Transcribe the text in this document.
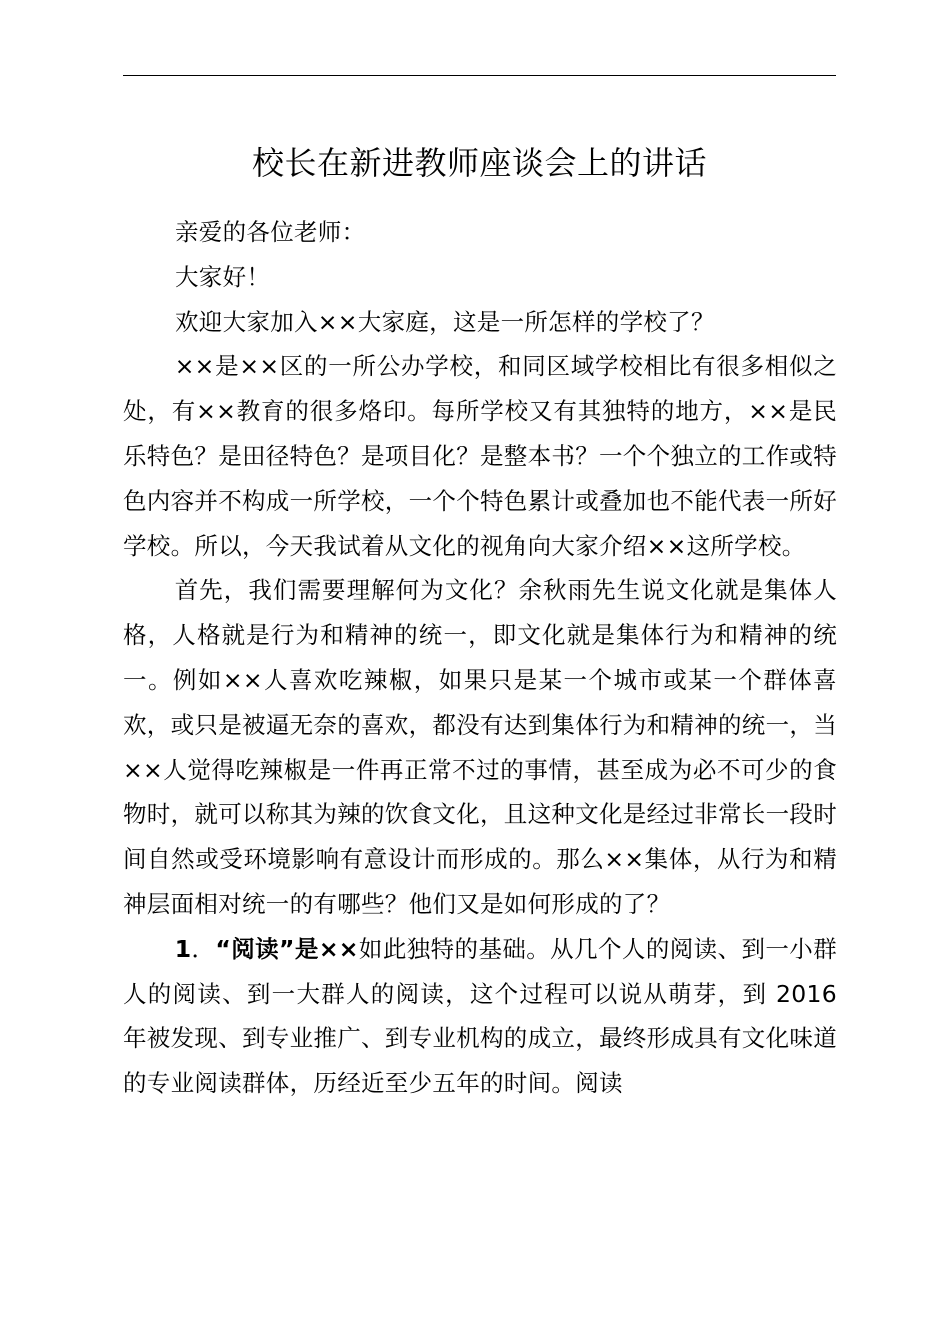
校长在新进教师座谈会上的讲话

亲爱的各位老师：

大家好！

欢迎大家加入××大家庭，这是一所怎样的学校了？

××是××区的一所公办学校，和同区域学校相比有很多相似之处，有××教育的很多烙印。每所学校又有其独特的地方，××是民乐特色？是田径特色？是项目化？是整本书？一个个独立的工作或特色内容并不构成一所学校，一个个特色累计或叠加也不能代表一所好学校。所以，今天我试着从文化的视角向大家介绍××这所学校。

首先，我们需要理解何为文化？余秋雨先生说文化就是集体人格，人格就是行为和精神的统一，即文化就是集体行为和精神的统一。例如××人喜欢吃辣椒，如果只是某一个城市或某一个群体喜欢，或只是被逼无奈的喜欢，都没有达到集体行为和精神的统一，当××人觉得吃辣椒是一件再正常不过的事情，甚至成为必不可少的食物时，就可以称其为辣的饮食文化，且这种文化是经过非常长一段时间自然或受环境影响有意设计而形成的。那么××集体，从行为和精神层面相对统一的有哪些？他们又是如何形成的了？

1．“阅读”是××如此独特的基础。从几个人的阅读、到一小群人的阅读、到一大群人的阅读，这个过程可以说从萌芽，到 2016 年被发现、到专业推广、到专业机构的成立，最终形成具有文化味道的专业阅读群体，历经近至少五年的时间。阅读
